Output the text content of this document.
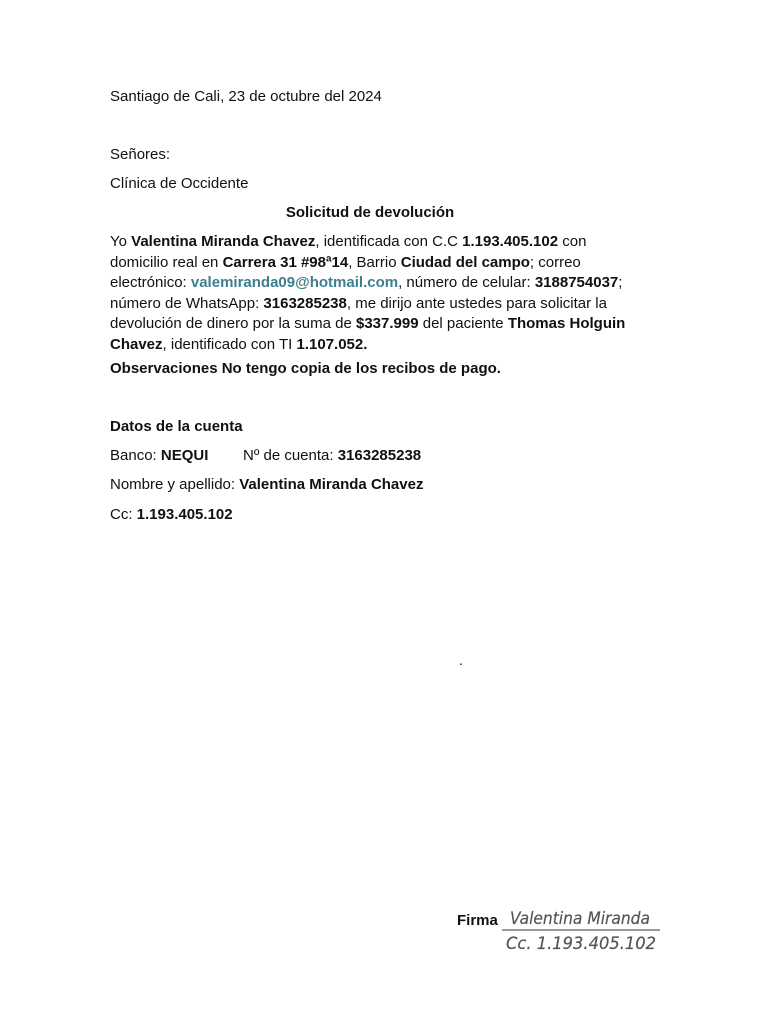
Santiago de Cali, 23 de octubre del 2024
Señores:
Clínica de Occidente
Solicitud de devolución
Yo Valentina Miranda Chavez, identificada con C.C 1.193.405.102 con
domicilio real en Carrera 31 #98ª14, Barrio Ciudad del campo; correo
electrónico: valemiranda09@hotmail.com, número de celular: 3188754037;
número de WhatsApp: 3163285238, me dirijo ante ustedes para solicitar la
devolución de dinero por la suma de $337.999 del paciente Thomas Holguin
Chavez, identificado con TI 1.107.052.
Observaciones No tengo copia de los recibos de pago.
Datos de la cuenta
Banco: NEQUI Nº de cuenta: 3163285238
Nombre y apellido: Valentina Miranda Chavez
Cc: 1.193.405.102
.
Firma Valentina Miranda
Cc. 1.193.405.102
